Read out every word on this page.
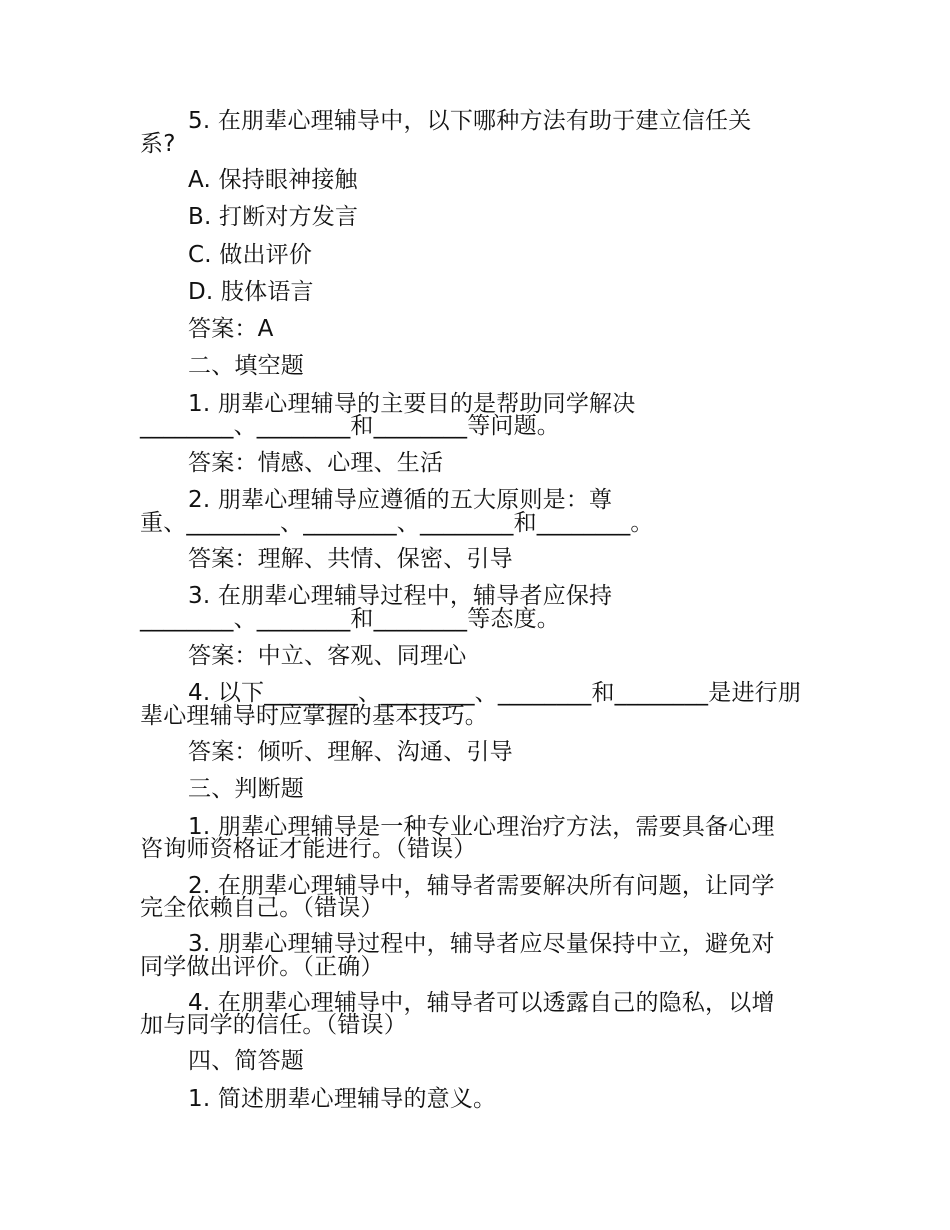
5. 在朋辈心理辅导中，以下哪种方法有助于建立信任关
系?
A. 保持眼神接触
B. 打断对方发言
C. 做出评价
D. 肢体语言
答案：A
二、填空题
1. 朋辈心理辅导的主要目的是帮助同学解决
________、________和________等问题。
答案：情感、心理、生活
2. 朋辈心理辅导应遵循的五大原则是：尊
重、________、________、________和________。
答案：理解、共情、保密、引导
3. 在朋辈心理辅导过程中，辅导者应保持
________、________和________等态度。
答案：中立、客观、同理心
4. 以下________、________、________和________是进行朋
辈心理辅导时应掌握的基本技巧。
答案：倾听、理解、沟通、引导
三、判断题
1. 朋辈心理辅导是一种专业心理治疗方法，需要具备心理
咨询师资格证才能进行。（错误）
2. 在朋辈心理辅导中，辅导者需要解决所有问题，让同学
完全依赖自己。（错误）
3. 朋辈心理辅导过程中，辅导者应尽量保持中立，避免对
同学做出评价。（正确）
4. 在朋辈心理辅导中，辅导者可以透露自己的隐私，以增
加与同学的信任。（错误）
四、简答题
1. 简述朋辈心理辅导的意义。
